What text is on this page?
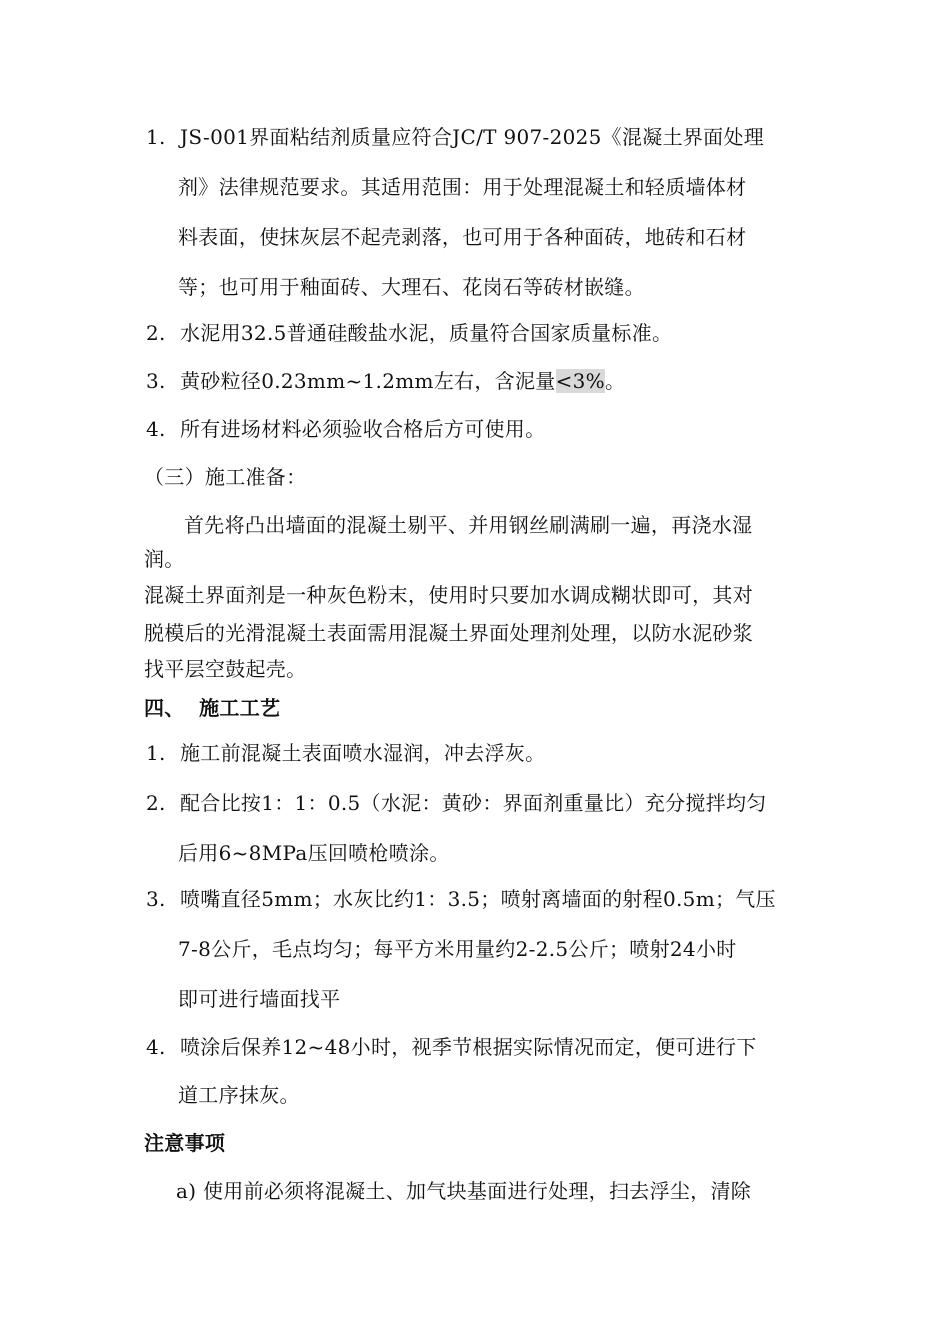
1. JS-001界面粘结剂质量应符合JC/T 907-2025《混凝土界面处理
剂》法律规范要求。其适用范围：用于处理混凝土和轻质墙体材
料表面，使抹灰层不起壳剥落，也可用于各种面砖，地砖和石材
等；也可用于釉面砖、大理石、花岗石等砖材嵌缝。
2. 水泥用32.5普通硅酸盐水泥，质量符合国家质量标准。
3. 黄砂粒径0.23mm~1.2mm左右，含泥量<3%。
4. 所有进场材料必须验收合格后方可使用。
（三）施工准备：
首先将凸出墙面的混凝土剔平、并用钢丝刷满刷一遍，再浇水湿
润。
混凝土界面剂是一种灰色粉末，使用时只要加水调成糊状即可，其对
脱模后的光滑混凝土表面需用混凝土界面处理剂处理，以防水泥砂浆
找平层空鼓起壳。
四、  施工工艺
1. 施工前混凝土表面喷水湿润，冲去浮灰。
2. 配合比按1：1：0.5（水泥：黄砂：界面剂重量比）充分搅拌均匀
后用6~8MPa压回喷枪喷涂。
3. 喷嘴直径5mm；水灰比约1：3.5；喷射离墙面的射程0.5m；气压
7-8公斤，毛点均匀；每平方米用量约2-2.5公斤；喷射24小时
即可进行墙面找平
4. 喷涂后保养12~48小时，视季节根据实际情况而定，便可进行下
道工序抹灰。
注意事项
a) 使用前必须将混凝土、加气块基面进行处理，扫去浮尘，清除
